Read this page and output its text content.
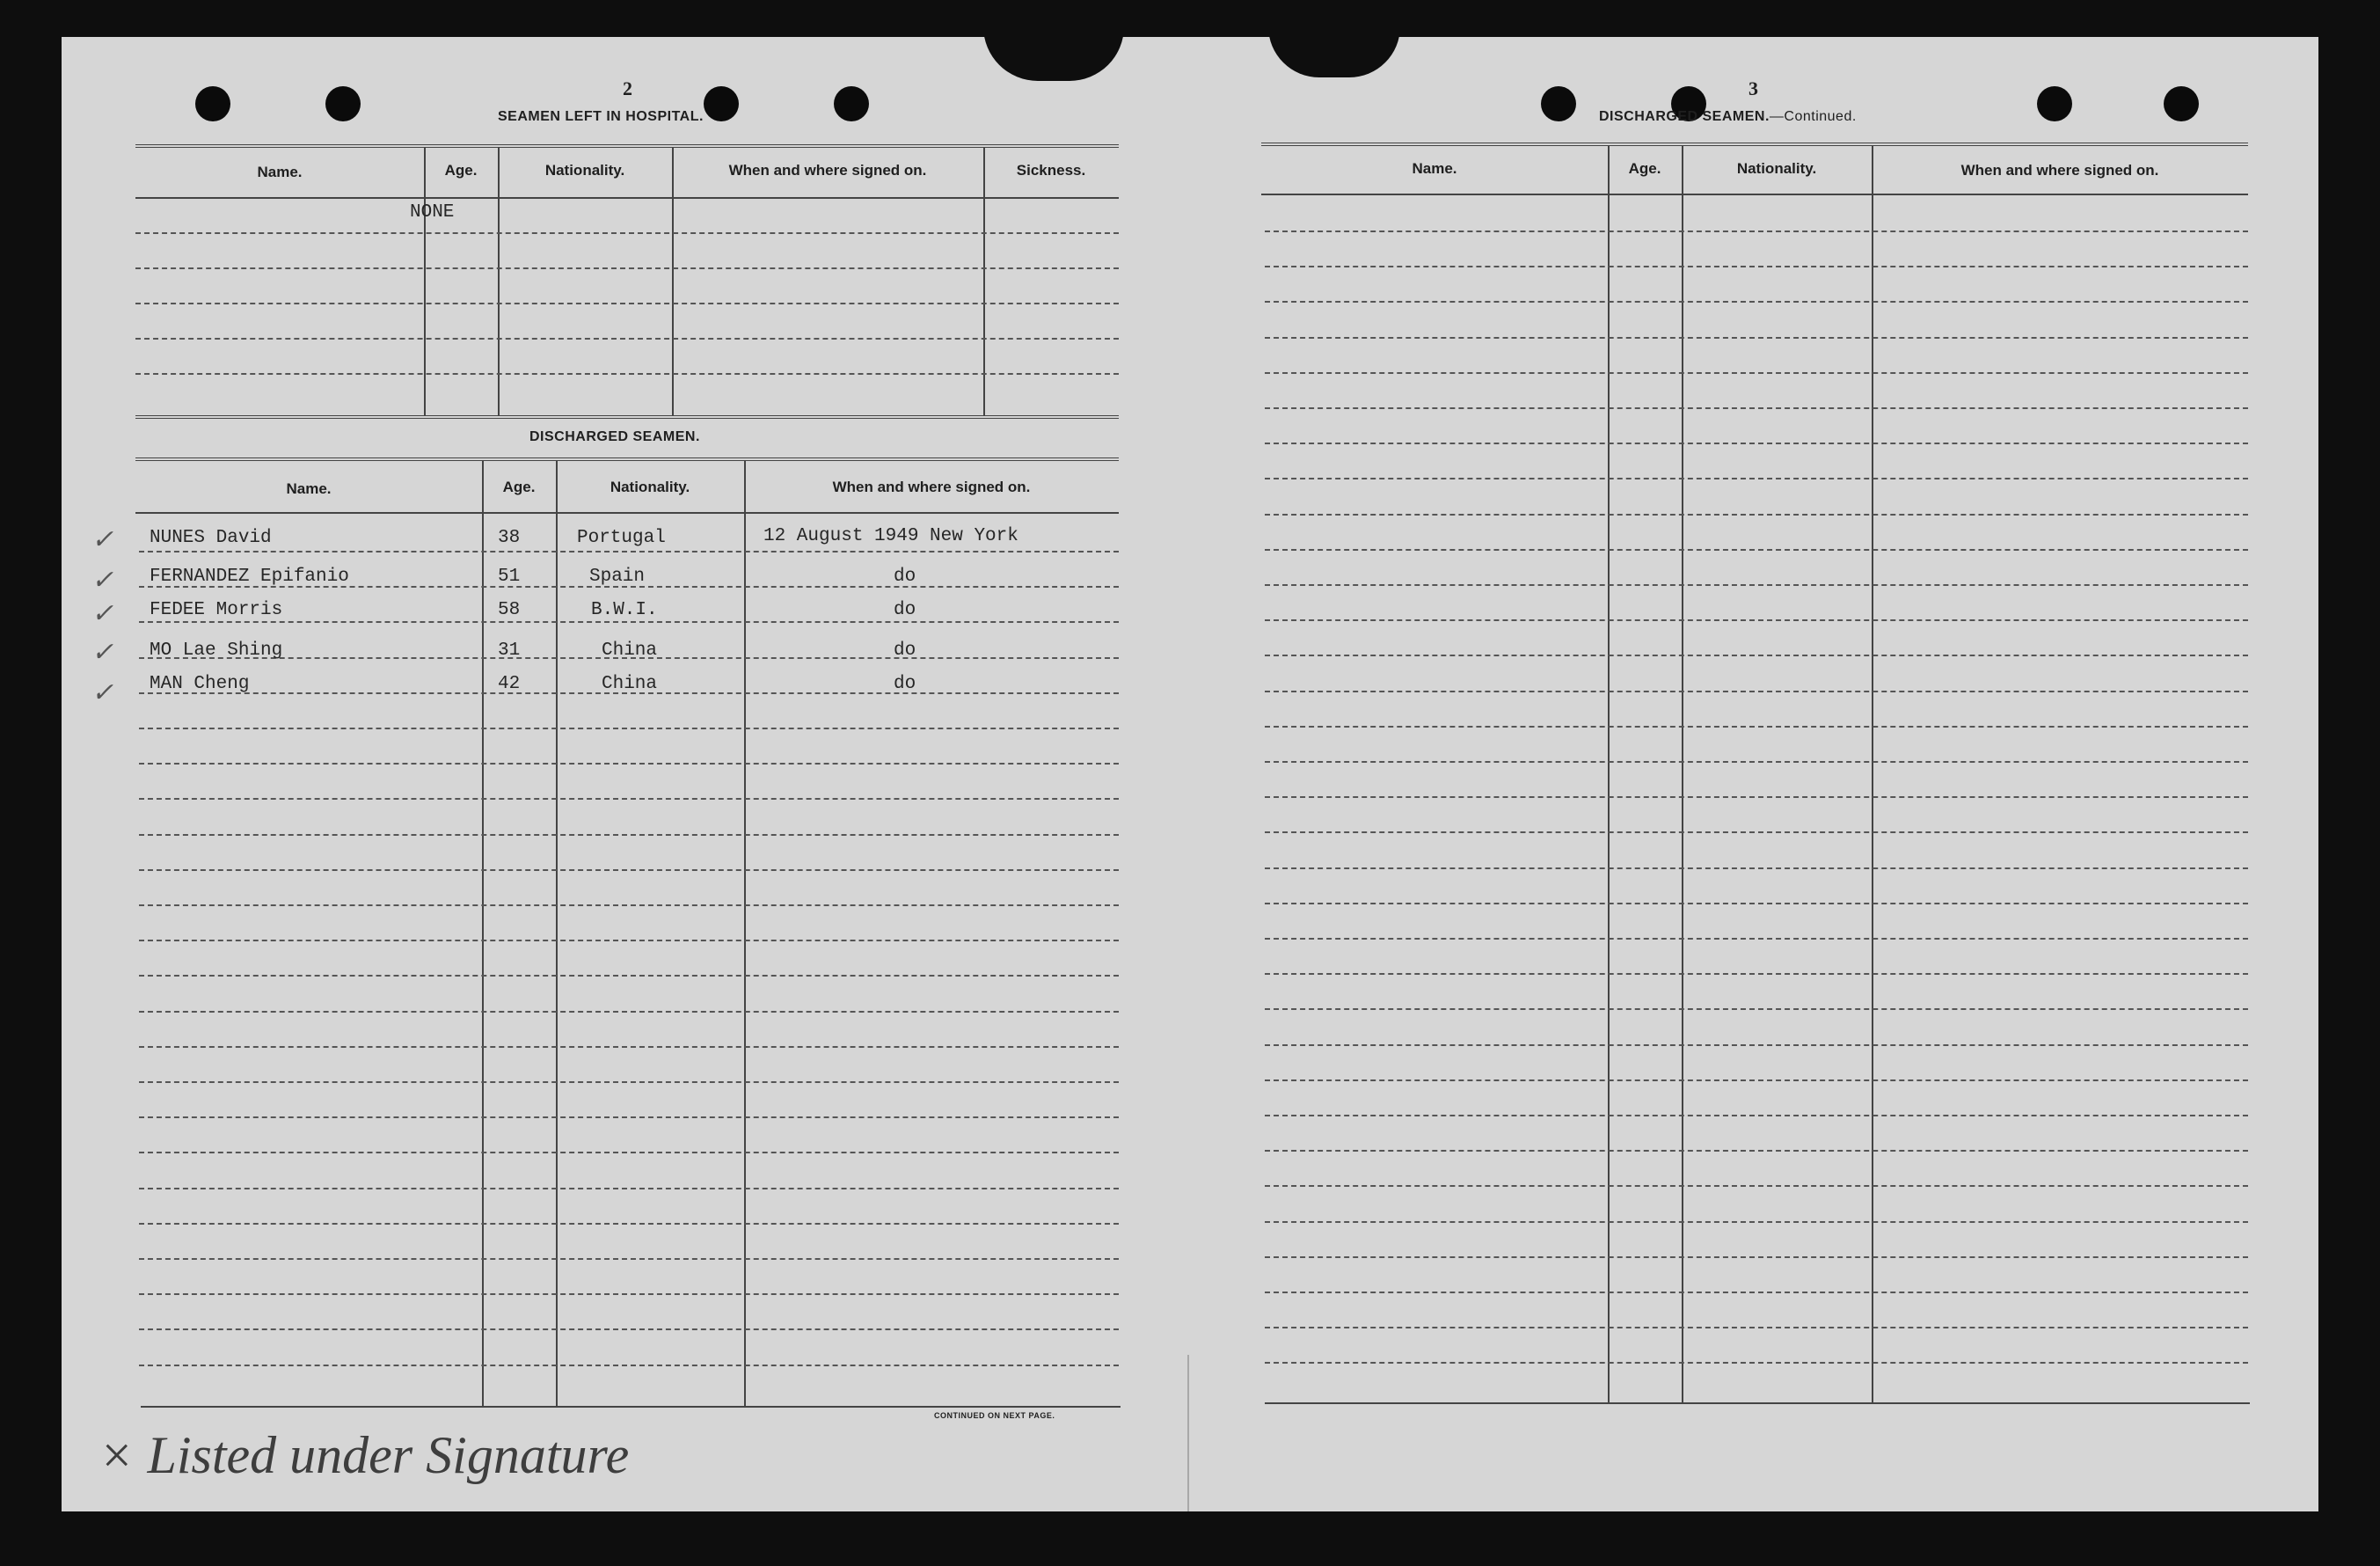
2
SEAMEN LEFT IN HOSPITAL.
Name.	Age.	Nationality.	When and where signed on.	Sickness.
NONE
DISCHARGED SEAMEN.
Name.	Age.	Nationality.	When and where signed on.
✓ NUNES David	38	Portugal	12 August 1949 New York
✓ FERNANDEZ Epifanio	51	Spain	do
✓ FEDEE Morris	58	B.W.I.	do
✓ MO Lae Shing	31	China	do
✓ MAN Cheng	42	China	do
CONTINUED ON NEXT PAGE.
× Listed under Signature
3
DISCHARGED SEAMEN.—Continued.
Name.	Age.	Nationality.	When and where signed on.
